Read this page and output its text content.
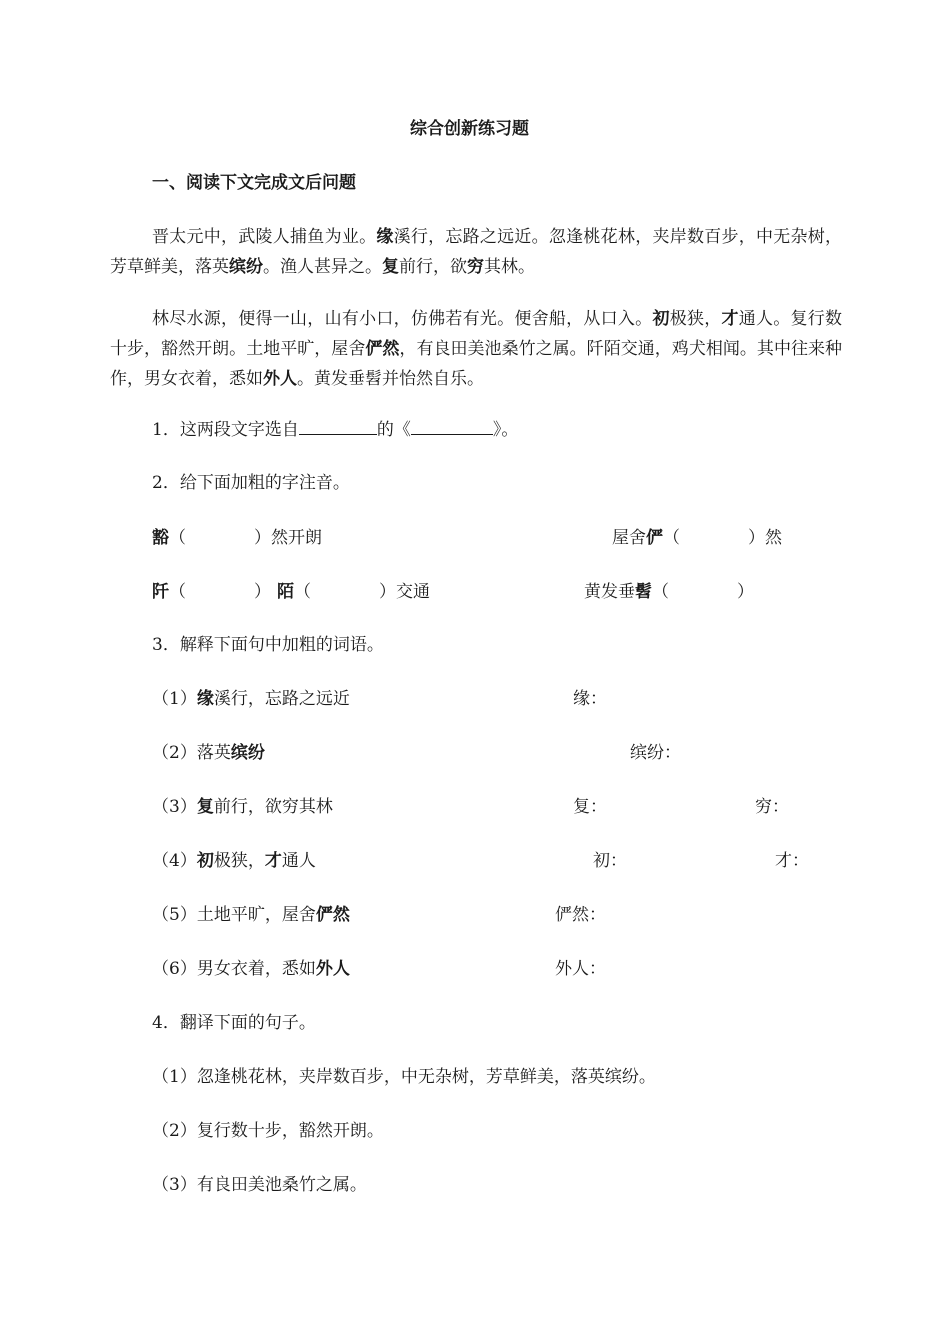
综合创新练习题
一、阅读下文完成文后问题
晋太元中，武陵人捕鱼为业。缘溪行，忘路之远近。忽逢桃花林，夹岸数百步，中无杂树，芳草鲜美，落英缤纷。渔人甚异之。复前行，欲穷其林。
林尽水源，便得一山，山有小口，仿佛若有光。便舍船，从口入。初极狭，才通人。复行数十步，豁然开朗。土地平旷，屋舍俨然，有良田美池桑竹之属。阡陌交通，鸡犬相闻。其中往来种作，男女衣着，悉如外人。黄发垂髫并怡然自乐。
1．这两段文字选自	的《	》。
2．给下面加粗的字注音。
豁（　　　　）然开朗	屋舍俨（　　　　）然
阡（　　　　） 陌（　　　　）交通	黄发垂髫（　　　　）
3．解释下面句中加粗的词语。
（1）缘溪行，忘路之远近	缘：
（2）落英缤纷	缤纷：
（3）复前行，欲穷其林	复：	穷：
（4）初极狭，才通人	初：	才：
（5）土地平旷，屋舍俨然	俨然：
（6）男女衣着，悉如外人	外人：
4．翻译下面的句子。
（1）忽逢桃花林，夹岸数百步，中无杂树，芳草鲜美，落英缤纷。
（2）复行数十步，豁然开朗。
（3）有良田美池桑竹之属。
